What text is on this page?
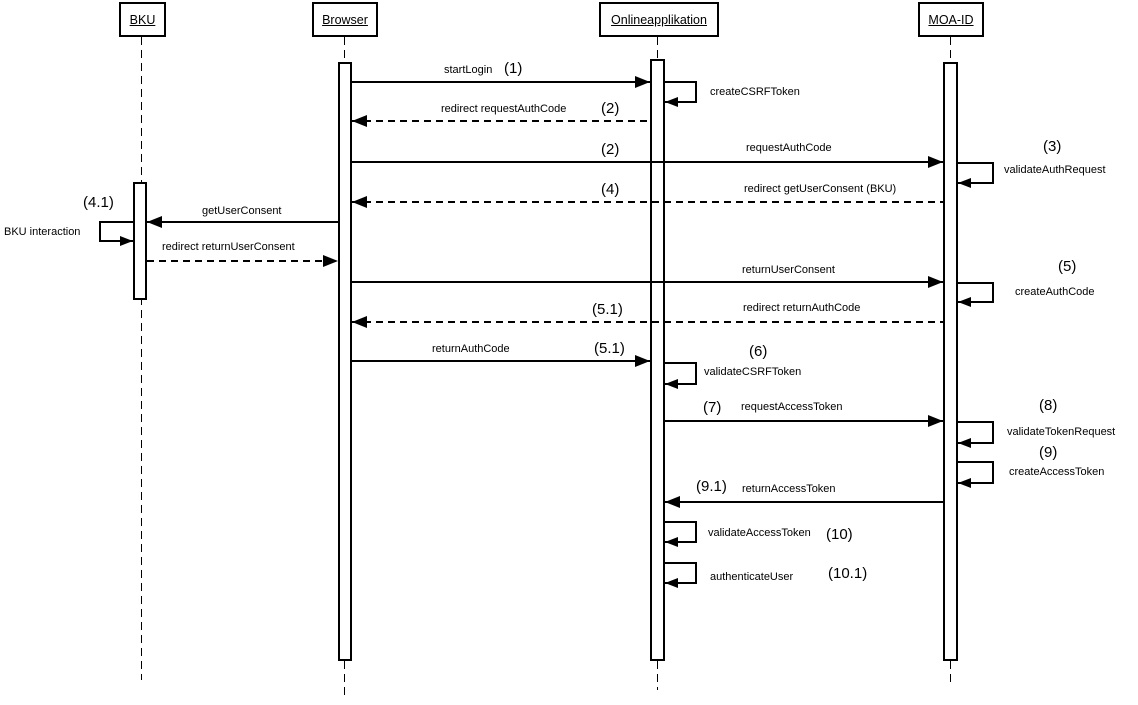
BKU	Browser	Onlineapplikation	MOA-ID
startLogin (1)
createCSRFToken
redirect requestAuthCode (2)
requestAuthCode
(2)
validateAuthRequest
(3)
redirect getUserConsent (BKU)
(4)
getUserConsent
BKU interaction
(4.1)
redirect returnUserConsent
returnUserConsent
createAuthCode
(5)
redirect returnAuthCode
(5.1)
returnAuthCode	(5.1)
validateCSRFToken
(6)
requestAccessToken
(7)
validateTokenRequest
(8)
createAccessToken
(9)
returnAccessToken
(9.1)
validateAccessToken (10)
authenticateUser (10.1)
